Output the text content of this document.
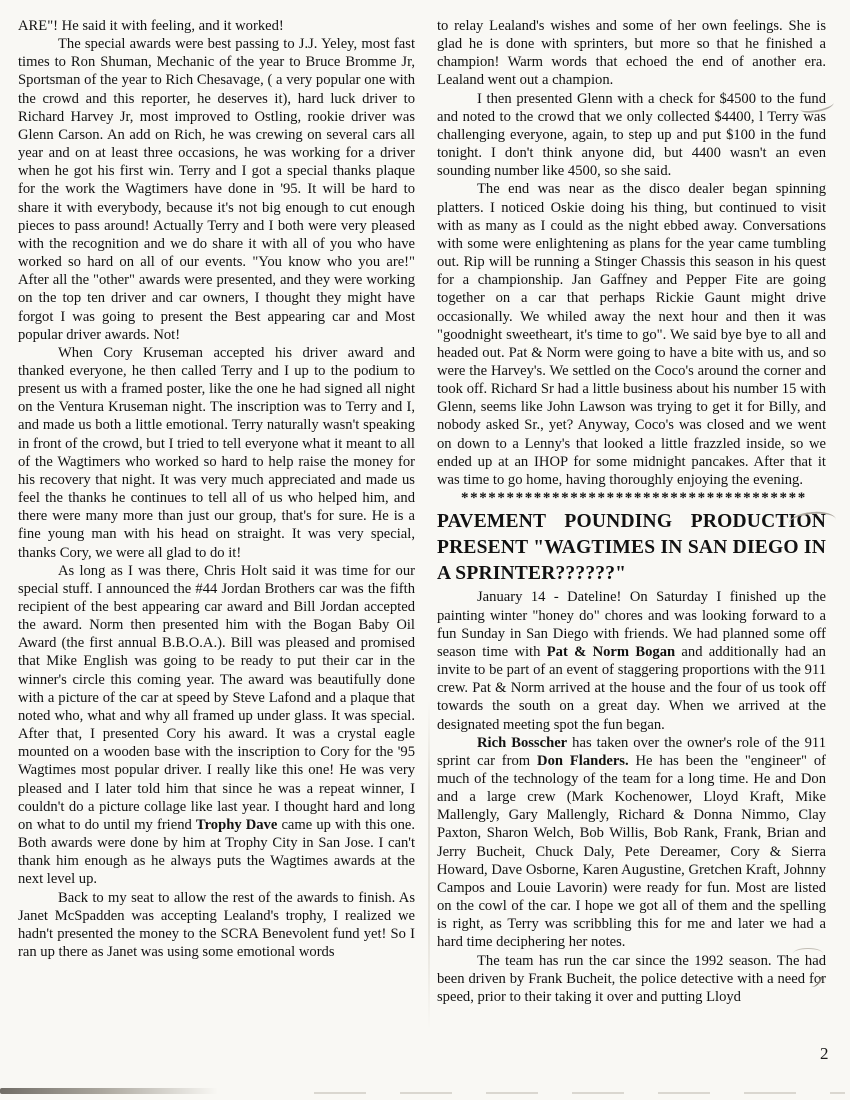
ARE"! He said it with feeling, and it worked!

The special awards were best passing to J.J. Yeley, most fast times to Ron Shuman, Mechanic of the year to Bruce Bromme Jr, Sportsman of the year to Rich Chesavage, ( a very popular one with the crowd and this reporter, he deserves it), hard luck driver to Richard Harvey Jr, most improved to Ostling, rookie driver was Glenn Carson. An add on Rich, he was crewing on several cars all year and on at least three occasions, he was working for a driver when he got his first win. Terry and I got a special thanks plaque for the work the Wagtimers have done in '95. It will be hard to share it with everybody, because it's not big enough to cut enough pieces to pass around! Actually Terry and I both were very pleased with the recognition and we do share it with all of you who have worked so hard on all of our events. "You know who you are!" After all the "other" awards were presented, and they were working on the top ten driver and car owners, I thought they might have forgot I was going to present the Best appearing car and Most popular driver awards. Not!

When Cory Kruseman accepted his driver award and thanked everyone, he then called Terry and I up to the podium to present us with a framed poster, like the one he had signed all night on the Ventura Kruseman night. The inscription was to Terry and I, and made us both a little emotional. Terry naturally wasn't speaking in front of the crowd, but I tried to tell everyone what it meant to all of the Wagtimers who worked so hard to help raise the money for his recovery that night. It was very much appreciated and made us feel the thanks he continues to tell all of us who helped him, and there were many more than just our group, that's for sure. He is a fine young man with his head on straight. It was very special, thanks Cory, we were all glad to do it!

As long as I was there, Chris Holt said it was time for our special stuff. I announced the #44 Jordan Brothers car was the fifth recipient of the best appearing car award and Bill Jordan accepted the award. Norm then presented him with the Bogan Baby Oil Award (the first annual B.B.O.A.). Bill was pleased and promised that Mike English was going to be ready to put their car in the winner's circle this coming year. The award was beautifully done with a picture of the car at speed by Steve Lafond and a plaque that noted who, what and why all framed up under glass. It was special. After that, I presented Cory his award. It was a crystal eagle mounted on a wooden base with the inscription to Cory for the '95 Wagtimes most popular driver. I really like this one! He was very pleased and I later told him that since he was a repeat winner, I couldn't do a picture collage like last year. I thought hard and long on what to do until my friend Trophy Dave came up with this one. Both awards were done by him at Trophy City in San Jose. I can't thank him enough as he always puts the Wagtimes awards at the next level up.

Back to my seat to allow the rest of the awards to finish. As Janet McSpadden was accepting Lealand's trophy, I realized we hadn't presented the money to the SCRA Benevolent fund yet! So I ran up there as Janet was using some emotional words

to relay Lealand's wishes and some of her own feelings. She is glad he is done with sprinters, but more so that he finished a champion! Warm words that echoed the end of another era. Lealand went out a champion.

I then presented Glenn with a check for $4500 to the fund and noted to the crowd that we only collected $4400, l Terry was challenging everyone, again, to step up and put $100 in the fund tonight. I don't think anyone did, but 4400 wasn't an even sounding number like 4500, so she said.

The end was near as the disco dealer began spinning platters. I noticed Oskie doing his thing, but continued to visit with as many as I could as the night ebbed away. Conversations with some were enlightening as plans for the year came tumbling out. Rip will be running a Stinger Chassis this season in his quest for a championship. Jan Gaffney and Pepper Fite are going together on a car that perhaps Rickie Gaunt might drive occasionally. We whiled away the next hour and then it was "goodnight sweetheart, it's time to go". We said bye bye to all and headed out. Pat & Norm were going to have a bite with us, and so were the Harvey's. We settled on the Coco's around the corner and took off. Richard Sr had a little business about his number 15 with Glenn, seems like John Lawson was trying to get it for Billy, and nobody asked Sr., yet? Anyway, Coco's was closed and we went on down to a Lenny's that looked a little frazzled inside, so we ended up at an IHOP for some midnight pancakes. After that it was time to go home, having thoroughly enjoying the evening.

**************************************

PAVEMENT POUNDING PRODUCTION PRESENT "WAGTIMES IN SAN DIEGO IN A SPRINTER??????"

January 14 - Dateline! On Saturday I finished up the painting winter "honey do" chores and was looking forward to a fun Sunday in San Diego with friends. We had planned some off season time with Pat & Norm Bogan and additionally had an invite to be part of an event of staggering proportions with the 911 crew. Pat & Norm arrived at the house and the four of us took off towards the south on a great day. When we arrived at the designated meeting spot the fun began.

Rich Bosscher has taken over the owner's role of the 911 sprint car from Don Flanders. He has been the "engineer" of much of the technology of the team for a long time. He and Don and a large crew (Mark Kochenower, Lloyd Kraft, Mike Mallengly, Gary Mallengly, Richard & Donna Nimmo, Clay Paxton, Sharon Welch, Bob Willis, Bob Rank, Frank, Brian and Jerry Bucheit, Chuck Daly, Pete Dereamer, Cory & Sierra Howard, Dave Osborne, Karen Augustine, Gretchen Kraft, Johnny Campos and Louie Lavorin) were ready for fun. Most are listed on the cowl of the car. I hope we got all of them and the spelling is right, as Terry was scribbling this for me and later we had a hard time deciphering her notes.

The team has run the car since the 1992 season. The had been driven by Frank Bucheit, the police detective with a need for speed, prior to their taking it over and putting Lloyd

2
